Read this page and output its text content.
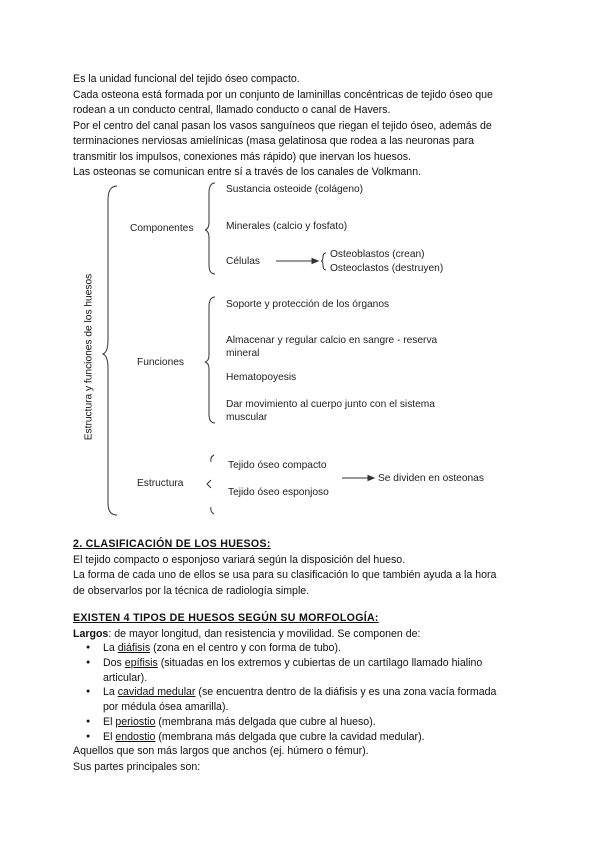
Es la unidad funcional del tejido óseo compacto.
Cada osteona está formada por un conjunto de laminillas concéntricas de tejido óseo que
rodean a un conducto central, llamado conducto o canal de Havers.
Por el centro del canal pasan los vasos sanguíneos que riegan el tejido óseo, además de
terminaciones nerviosas amielínicas (masa gelatinosa que rodea a las neuronas para
transmitir los impulsos, conexiones más rápido) que inervan los huesos.
Las osteonas se comunican entre sí a través de los canales de Volkmann.
Estructura y funciones de los huesos
Componentes
Sustancia osteoide (colágeno)
Minerales (calcio y fosfato)
Células
Osteoblastos (crean)
Osteoclastos (destruyen)
Funciones
Soporte y protección de los órganos
Almacenar y regular calcio en sangre - reserva
mineral
Hematopoyesis
Dar movimiento al cuerpo junto con el sistema
muscular
Estructura
Tejido óseo compacto
Tejido óseo esponjoso
Se dividen en osteonas
2. CLASIFICACIÓN DE LOS HUESOS:
El tejido compacto o esponjoso variará según la disposición del hueso.
La forma de cada uno de ellos se usa para su clasificación lo que también ayuda a la hora
de observarlos por la técnica de radiología simple.
EXISTEN 4 TIPOS DE HUESOS SEGÚN SU MORFOLOGÍA:
Largos: de mayor longitud, dan resistencia y movilidad. Se componen de:
● La diáfisis (zona en el centro y con forma de tubo).
● Dos epífisis (situadas en los extremos y cubiertas de un cartílago llamado hialino
articular).
● La cavidad medular (se encuentra dentro de la diáfisis y es una zona vacía formada
por médula ósea amarilla).
● El periostio (membrana más delgada que cubre al hueso).
● El endostio (membrana más delgada que cubre la cavidad medular).
Aquellos que son más largos que anchos (ej. húmero o fémur).
Sus partes principales son:
